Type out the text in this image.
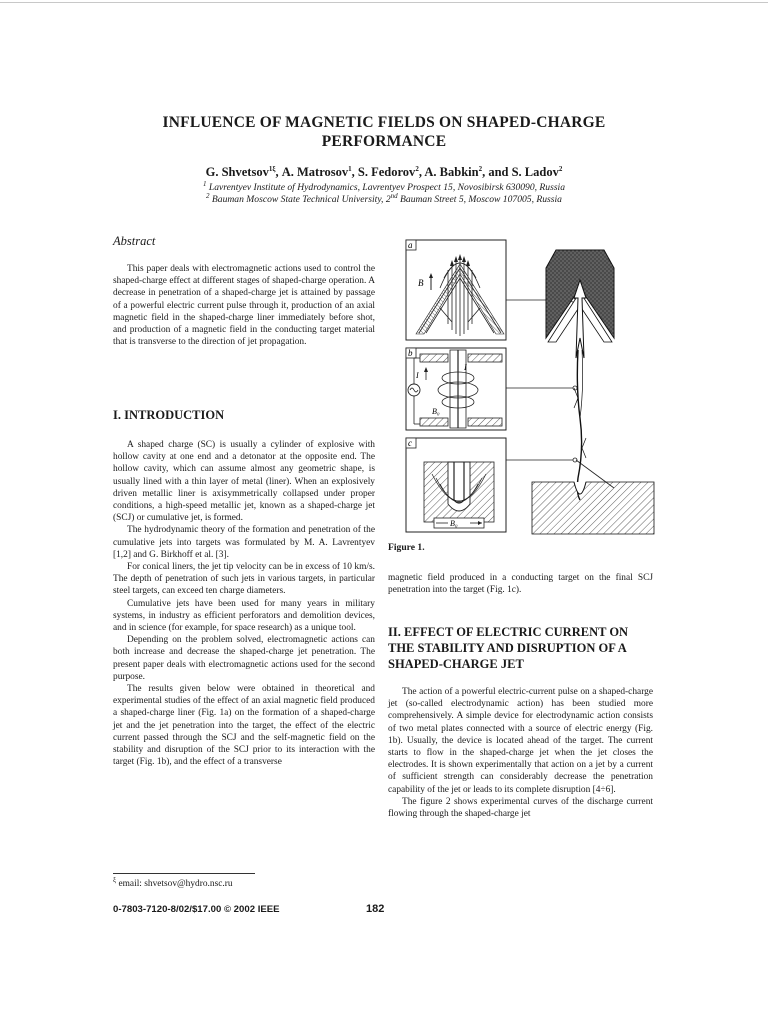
INFLUENCE OF MAGNETIC FIELDS ON SHAPED-CHARGE
PERFORMANCE
G. Shvetsov$^{1\xi}$, A. Matrosov$^1$, S. Fedorov$^2$, A. Babkin$^2$, and S. Ladov$^2$
$^1$ Lavrentyev Institute of Hydrodynamics, Lavrentyev Prospect 15, Novosibirsk 630090, Russia
$^2$ Bauman Moscow State Technical University, 2nd Bauman Street 5, Moscow 107005, Russia
Abstract

This paper deals with electromagnetic actions used to control the shaped-charge effect at different stages of shaped-charge operation. A decrease in penetration of a shaped-charge jet is attained by passage of a powerful electric current pulse through it, production of an axial magnetic field in the shaped-charge liner immediately before shot, and production of a magnetic field in the conducting target material that is transverse to the direction of jet propagation.

I. INTRODUCTION

A shaped charge (SC) is usually a cylinder of explosive with hollow cavity at one end and a detonator at the opposite end. The hollow cavity, which can assume almost any geometric shape, is usually lined with a thin layer of metal (liner). When an explosively driven metallic liner is axisymmetrically collapsed under proper conditions, a high-speed metallic jet, known as a shaped-charge jet (SCJ) or cumulative jet, is formed.

The hydrodynamic theory of the formation and penetration of the cumulative jets into targets was formulated by M. A. Lavrentyev [1,2] and G. Birkhoff et al. [3].

For conical liners, the jet tip velocity can be in excess of 10 km/s. The depth of penetration of such jets in various targets, in particular steel targets, can exceed ten charge diameters.

Cumulative jets have been used for many years in military systems, in industry as efficient perforators and demolition devices, and in science (for example, for space research) as a unique tool.

Depending on the problem solved, electromagnetic actions can both increase and decrease the shaped-charge jet penetration. The present paper deals with electromagnetic actions used for the second purpose.

The results given below were obtained in theoretical and experimental studies of the effect of an axial magnetic field produced a shaped-charge liner (Fig. 1a) on the formation of a shaped-charge jet and the jet penetration into the target, the effect of the electric current passed through the SCJ and the self-magnetic field on the stability and disruption of the SCJ prior to its interaction with the target (Fig. 1b), and the effect of a transverse

a
B
b
I
I
B₀
c
B₀
Figure 1.

magnetic field produced in a conducting target on the final SCJ penetration into the target (Fig. 1c).

II. EFFECT OF ELECTRIC CURRENT ON THE STABILITY AND DISRUPTION OF A SHAPED-CHARGE JET

The action of a powerful electric-current pulse on a shaped-charge jet (so-called electrodynamic action) has been studied more comprehensively. A simple device for electrodynamic action consists of two metal plates connected with a source of electric energy (Fig. 1b). Usually, the device is located ahead of the target. The current starts to flow in the shaped-charge jet when the jet closes the electrodes. It is shown experimentally that action on a jet by a current of sufficient strength can considerably decrease the penetration capability of the jet or leads to its complete disruption [4÷6].

The figure 2 shows experimental curves of the discharge current flowing through the shaped-charge jet

$^\xi$ email: shvetsov@hydro.nsc.ru
0-7803-7120-8/02/$17.00 © 2002 IEEE	182
